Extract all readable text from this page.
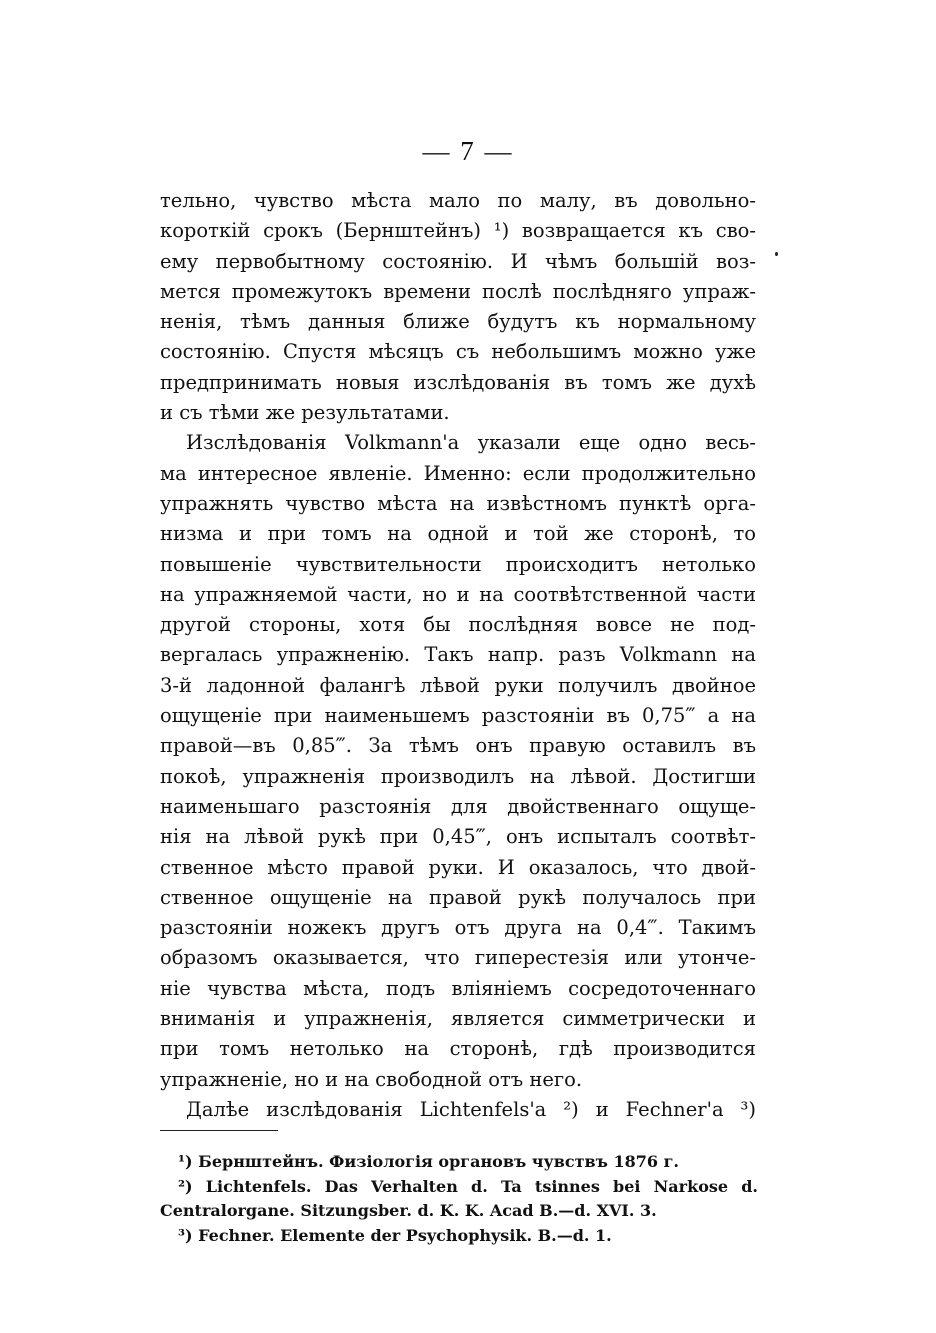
— 7 —
тельно, чувство мѣста мало по малу, въ довольно-
короткій срокъ (Бернштейнъ) ¹) возвращается къ сво-
ему первобытному состоянію. И чѣмъ большій воз-
мется промежутокъ времени послѣ послѣдняго упраж-
ненія, тѣмъ данныя ближе будутъ къ нормальному
состоянію. Спустя мѣсяцъ съ небольшимъ можно уже
предпринимать новыя изслѣдованія въ томъ же духѣ
и съ тѣми же результатами.
Изслѣдованія Volkmann'а указали еще одно весь-
ма интересное явленіе. Именно: если продолжительно
упражнять чувство мѣста на извѣстномъ пунктѣ орга-
низма и при томъ на одной и той же сторонѣ, то
повышеніе чувствительности происходитъ нетолько
на упражняемой части, но и на соотвѣтственной части
другой стороны, хотя бы послѣдняя вовсе не под-
вергалась упражненію. Такъ напр. разъ Volkmann на
3-й ладонной фалангѣ лѣвой руки получилъ двойное
ощущеніе при наименьшемъ разстояніи въ 0,75‴ а на
правой—въ 0,85‴. За тѣмъ онъ правую оставилъ въ
покоѣ, упражненія производилъ на лѣвой. Достигши
наименьшаго разстоянія для двойственнаго ощуще-
нія на лѣвой рукѣ при 0,45‴, онъ испыталъ соотвѣт-
ственное мѣсто правой руки. И оказалось, что двой-
ственное ощущеніе на правой рукѣ получалось при
разстояніи ножекъ другъ отъ друга на 0,4‴. Такимъ
образомъ оказывается, что гиперестезія или утонче-
ніе чувства мѣста, подъ вліяніемъ сосредоточеннаго
вниманія и упражненія, является симметрически и
при томъ нетолько на сторонѣ, гдѣ производится
упражненіе, но и на свободной отъ него.
Далѣе изслѣдованія Lichtenfels'а ²) и Fechner'а ³)
¹) Бернштейнъ. Физіологія органовъ чувствъ 1876 г.
²) Lichtenfels. Das Verhalten d. Ta tsinnes bei Narkose d.
Centralorgane. Sitzungsber. d. K. K. Acad B.—d. XVI. 3.
³) Fechner. Elemente der Psychophysik. B.—d. 1.
